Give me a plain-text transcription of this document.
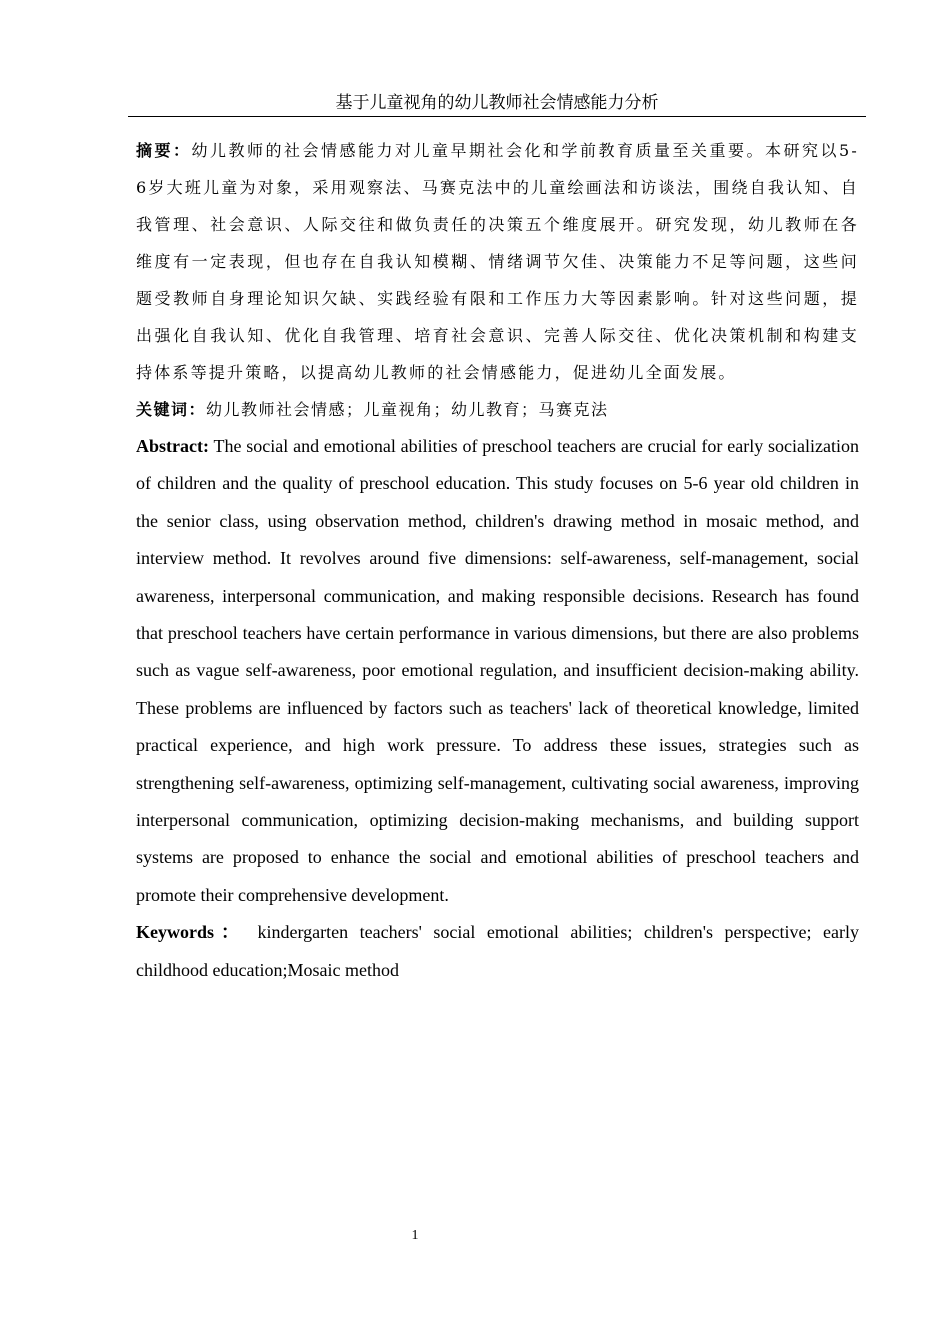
基于儿童视角的幼儿教师社会情感能力分析

摘要：幼儿教师的社会情感能力对儿童早期社会化和学前教育质量至关重要。本研究以5-6岁大班儿童为对象，采用观察法、马赛克法中的儿童绘画法和访谈法，围绕自我认知、自我管理、社会意识、人际交往和做负责任的决策五个维度展开。研究发现，幼儿教师在各维度有一定表现，但也存在自我认知模糊、情绪调节欠佳、决策能力不足等问题，这些问题受教师自身理论知识欠缺、实践经验有限和工作压力大等因素影响。针对这些问题，提出强化自我认知、优化自我管理、培育社会意识、完善人际交往、优化决策机制和构建支持体系等提升策略，以提高幼儿教师的社会情感能力，促进幼儿全面发展。

关键词：幼儿教师社会情感；儿童视角；幼儿教育；马赛克法

Abstract: The social and emotional abilities of preschool teachers are crucial for early socialization of children and the quality of preschool education. This study focuses on 5-6 year old children in the senior class, using observation method, children's drawing method in mosaic method, and interview method. It revolves around five dimensions: self-awareness, self-management, social awareness, interpersonal communication, and making responsible decisions. Research has found that preschool teachers have certain performance in various dimensions, but there are also problems such as vague self-awareness, poor emotional regulation, and insufficient decision-making ability. These problems are influenced by factors such as teachers' lack of theoretical knowledge, limited practical experience, and high work pressure. To address these issues, strategies such as strengthening self-awareness, optimizing self-management, cultivating social awareness, improving interpersonal communication, optimizing decision-making mechanisms, and building support systems are proposed to enhance the social and emotional abilities of preschool teachers and promote their comprehensive development.

Keywords： kindergarten teachers' social emotional abilities; children's perspective; early childhood education;Mosaic method

1
